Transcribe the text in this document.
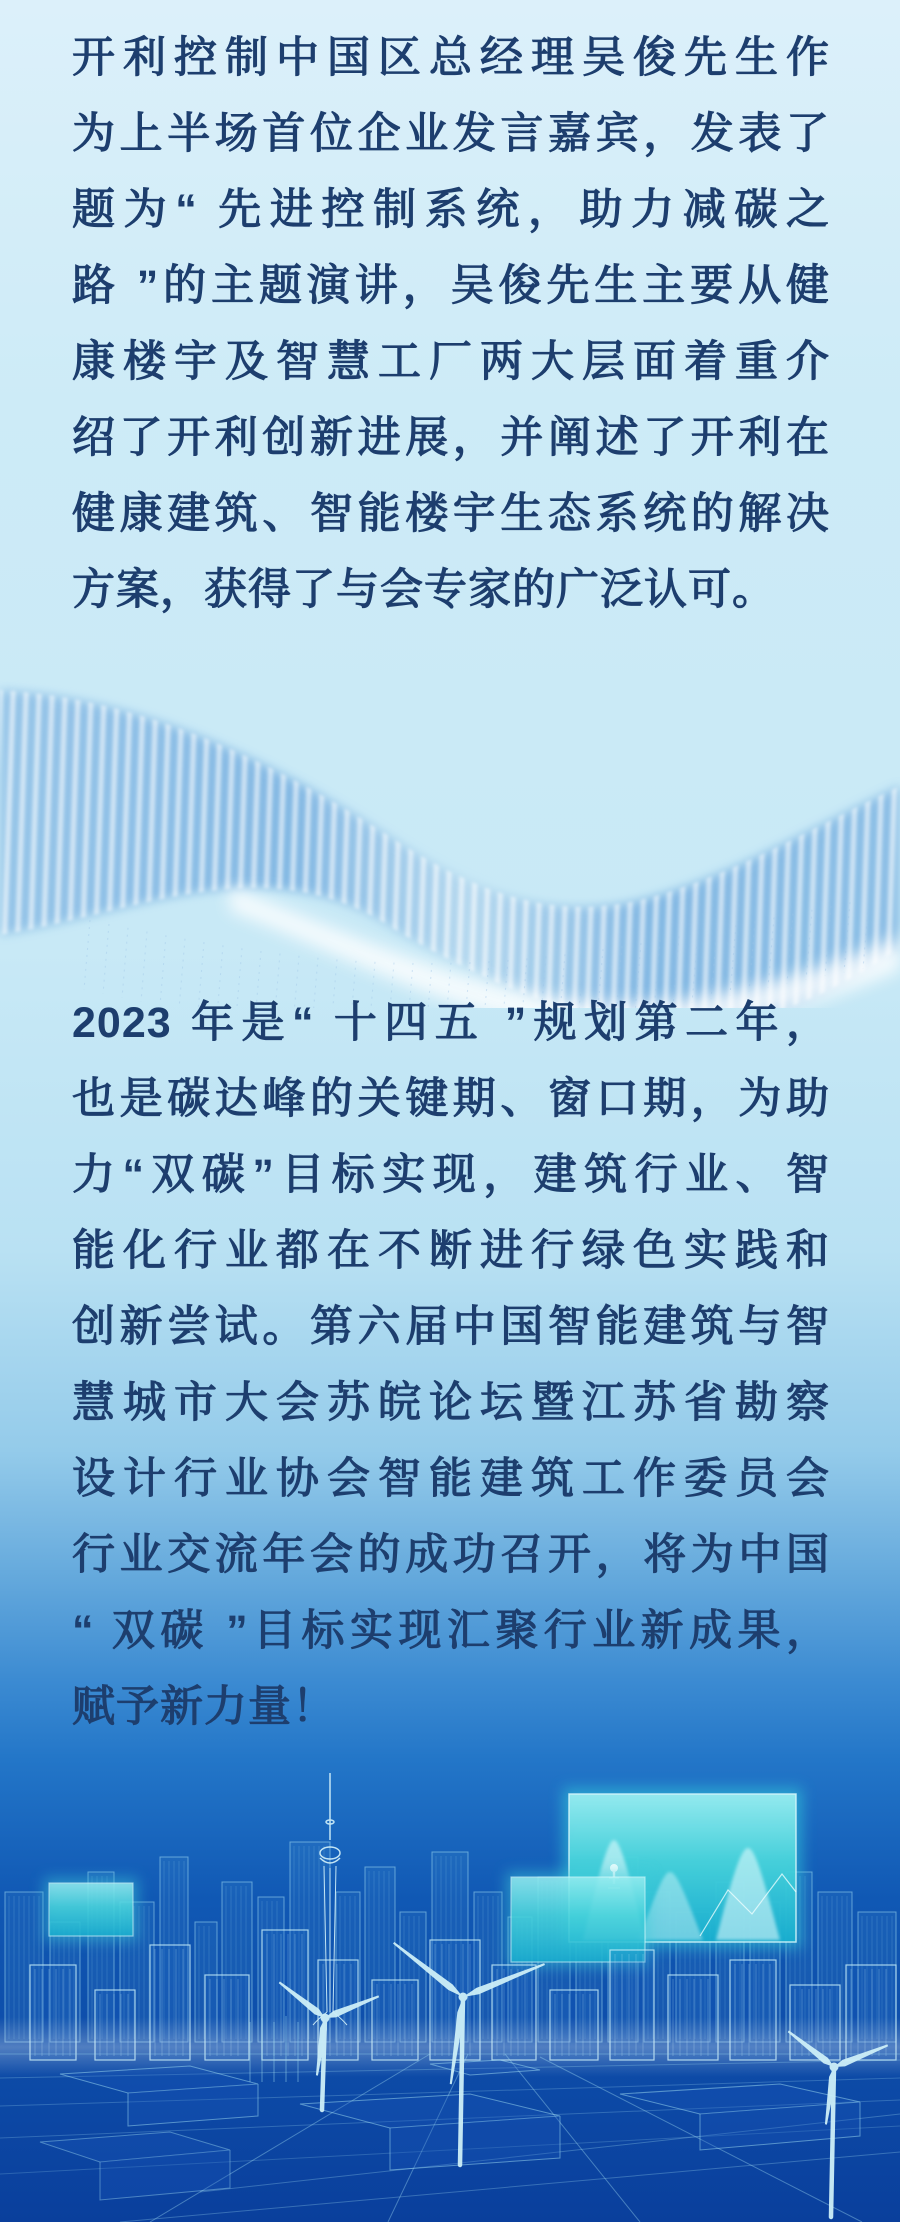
开利控制中国区总经理吴俊先生作
为上半场首位企业发言嘉宾，发表了
题为“ 先进控制系统，助力减碳之
路 ”的主题演讲，吴俊先生主要从健
康楼宇及智慧工厂两大层面着重介
绍了开利创新进展，并阐述了开利在
健康建筑、智能楼宇生态系统的解决
方案，获得了与会专家的广泛认可。
2023 年是“ 十四五 ”规划第二年，
也是碳达峰的关键期、窗口期，为助
力“双碳”目标实现，建筑行业、智
能化行业都在不断进行绿色实践和
创新尝试。第六届中国智能建筑与智
慧城市大会苏皖论坛暨江苏省勘察
设计行业协会智能建筑工作委员会
行业交流年会的成功召开，将为中国
“ 双碳 ”目标实现汇聚行业新成果，
赋予新力量！
